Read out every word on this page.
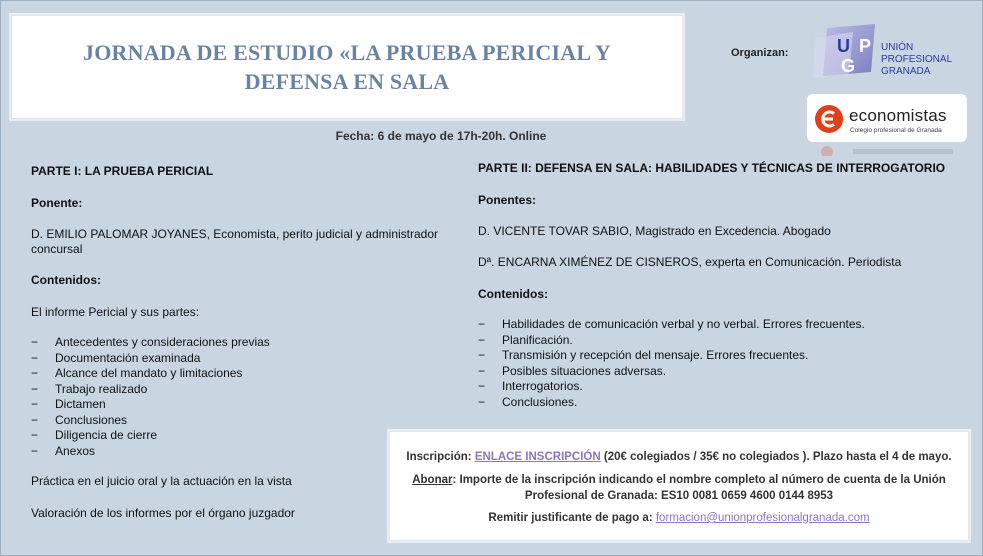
JORNADA DE ESTUDIO «LA PRUEBA PERICIAL Y
DEFENSA EN SALA
Organizan:	U P
G
UNIÓN
PROFESIONAL
GRANADA
economistas
Colegio profesional de Granada
Fecha: 6 de mayo de 17h-20h. Online

PARTE I: LA PRUEBA PERICIAL

Ponente:

D. EMILIO PALOMAR JOYANES, Economista, perito judicial y administrador

concursal

Contenidos:

El informe Pericial y sus partes:

− Antecedentes y consideraciones previas
− Documentación examinada
− Alcance del mandato y limitaciones
− Trabajo realizado
− Dictamen
− Conclusiones
− Diligencia de cierre
− Anexos

Práctica en el juicio oral y la actuación en la vista

Valoración de los informes por el órgano juzgador

PARTE II: DEFENSA EN SALA: HABILIDADES Y TÉCNICAS DE INTERROGATORIO

Ponentes:

D. VICENTE TOVAR SABIO, Magistrado en Excedencia. Abogado

Dª. ENCARNA XIMÉNEZ DE CISNEROS, experta en Comunicación. Periodista

Contenidos:

− Habilidades de comunicación verbal y no verbal. Errores frecuentes.
− Planificación.
− Transmisión y recepción del mensaje. Errores frecuentes.
− Posibles situaciones adversas.
− Interrogatorios.
− Conclusiones.
Inscripción: ENLACE INSCRIPCIÓN (20€ colegiados / 35€ no colegiados ). Plazo hasta el 4 de mayo.
Abonar: Importe de la inscripción indicando el nombre completo al número de cuenta de la Unión
Profesional de Granada: ES10 0081 0659 4600 0144 8953
Remitir justificante de pago a: formacion@unionprofesionalgranada.com
